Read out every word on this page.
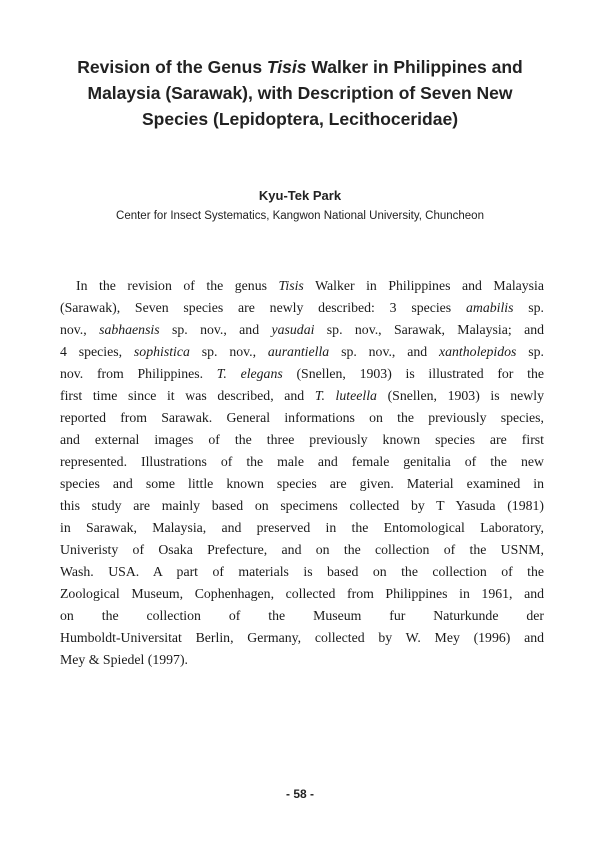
Revision of the Genus Tisis Walker in Philippines and
Malaysia (Sarawak), with Description of Seven New
Species (Lepidoptera, Lecithoceridae)
Kyu-Tek Park
Center for Insect Systematics, Kangwon National University, Chuncheon
In the revision of the genus Tisis Walker in Philippines and Malaysia
(Sarawak), Seven species are newly described: 3 species amabilis sp.
nov., sabhaensis sp. nov., and yasudai sp. nov., Sarawak, Malaysia; and
4 species, sophistica sp. nov., aurantiella sp. nov., and xantholepidos sp.
nov. from Philippines. T. elegans (Snellen, 1903) is illustrated for the
first time since it was described, and T. luteella (Snellen, 1903) is newly
reported from Sarawak. General informations on the previously species,
and external images of the three previously known species are first
represented. Illustrations of the male and female genitalia of the new
species and some little known species are given. Material examined in
this study are mainly based on specimens collected by T Yasuda (1981)
in Sarawak, Malaysia, and preserved in the Entomological Laboratory,
Univeristy of Osaka Prefecture, and on the collection of the USNM,
Wash. USA. A part of materials is based on the collection of the
Zoological Museum, Cophenhagen, collected from Philippines in 1961, and
on the collection of the Museum fur Naturkunde der
Humboldt-Universitat Berlin, Germany, collected by W. Mey (1996) and
Mey & Spiedel (1997).
- 58 -
